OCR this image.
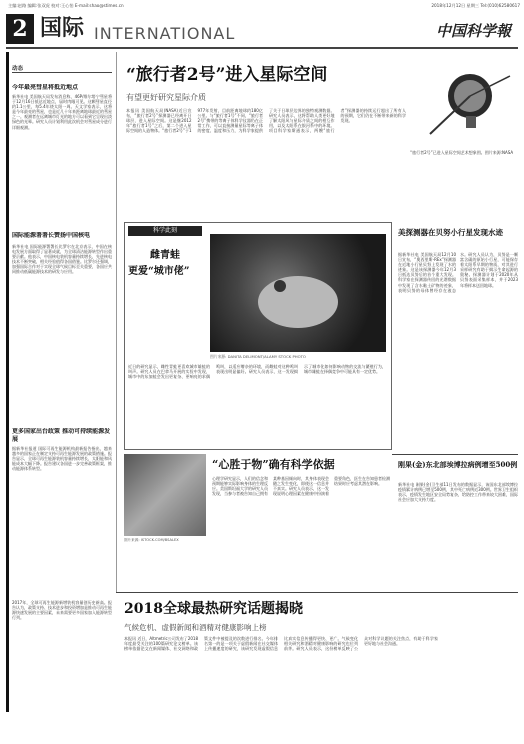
主编:赵路 编辑:张双虎 校对:王心怡 E-mail:shao@stimes.cn	2018年12月12日 星期三 Tel:(010)62580617
2 国际 INTERNATIONAL	中国科学報
动态
今年最亮彗星将抵近地点
新华社电 美国航天局发布消息称，46P/维尔塔宁彗星将于12月16日抵达近地点，届时肉眼可见。这颗彗星直径约1.1公里，每5.4年绕太阳一周。天文学家表示，这将是今年最亮的彗星，也是近几十年来距离地球最近的彗星之一。观测者在远离城市灯光的地方可以看到它呈现出淡绿色的光晕。研究人员计划利用此次机会对彗星成分进行详细观测。
国际能源署署长赞扬中国核电
新华社电 国际能源署署长比罗尔在北京表示，中国在核电发展方面取得了显著成就，为全球清洁能源转型作出重要贡献。他表示，中国核电装机容量持续增长，先进核电技术不断突破，相关经验值得各国借鉴。比罗尔还强调，加强国际合作对于实现全球气候目标至关重要，各国应共同推动低碳能源技术的研发与应用。
更多国家出台政策 推动可持续能源发展
据新华社报道 国际可再生能源机构最新报告指出，越来越多的国家正在制定支持可再生能源发展的政策措施。报告显示，全球可再生能源装机容量持续增长，太阳能和风能成本大幅下降。报告建议各国进一步完善政策框架，推动能源体系转型。
2017年，全球可再生能源新增装机容量创历史新高。报告认为，政策支持、技术进步和投资增加是推动可再生能源快速发展的主要因素，未来需要更多国家加入能源转型行列。
“旅行者2号”进入星际空间
有望更好研究星际介质
本报讯 美国航天局(NASA)近日宣布，“旅行者2号”探测器已经离开日球层，进入星际空间。这是继2012年“旅行者1号”之后，第二个进入星际空间的人造物体。“旅行者2号”于1977年发射，目前距离地球约180亿公里。与“旅行者1号”不同，“旅行者2号”携带的等离子体科学仪器仍在正常工作，可以直接测量星际等离子体的密度、温度和压力，为科学家提供了关于日球层边界的独特观测数据。研究人员表示，这将帮助人类更好地了解太阳风与星际介质之间的相互作用，以及太阳系在银河系中的环境。项目科学家斯通表示，两艘“旅行者”探测器的持续运行超出了所有人的预期，它们仍在不断带来新的科学发现。
“旅行者2号”已进入星际空间艺术想象图。图片来源:NASA
科学此刻
雌青蛙
更爱“城市佬”
图片来源: DANITA DELIMONT/ALAMY STOCK PHOTO
近日的研究显示，雌性青蛙更喜欢城市雄蛙的叫声。研究人员在巴拿马开展的实验中发现，城市中的东加蛙会发出更复杂、更响亮的求偶鸣叫，以适应嘈杂的环境，而雌蛙对这种鸣叫表现出明显偏好。研究人员表示，这一发现揭示了城市化如何影响动物的交流与繁殖行为，城市雄蛙在择偶竞争中可能具有一定优势。
美探测器在贝努小行星发现水迹
据新华社电 美国航天局12月10日宣布，“奥西里斯-REx”探测器在近地小行星贝努上发现了水的迹象。这是该探测器今年12月3日抵达贝努后的首个重大发现。科学家在探测器传回的光谱数据中发现了含水黏土矿物的迹象，表明贝努的母体曾经存在液态水。研究人员认为，贝努是一颗富含碳的原始小行星，可能保存着太阳系早期的物质，对其进行采样研究有助于揭示生命起源的奥秘。探测器计划于2020年从贝努表面采集样本，并于2023年将样本送回地球。
刚果(金)东北部埃博拉病例增至500例
新华社电 刚果(金)卫生部11日发布的数据显示，该国东北部埃博拉疫情累计病例已增至500例，其中死亡病例近300例。世界卫生组织表示，疫情发生地区安全局势复杂，给防控工作带来较大困难，国际社会应加大支持力度。
图片来源: ISTOCK.COM/BSALEX
“心胜于物”确有科学依据
心理学研究显示，人们的信念和预期能够实际影响身体的生理反应。美国斯坦福大学的研究人员发现，当参与者被告知自己拥有某种基因倾向时，其身体表现会随之发生变化，即使这一信息并不真实。研究人员表示，这一发现说明心理因素在健康中扮演着重要角色，医生在告知患者检测结果时应考虑其潜在影响。
2018全球最热研究话题揭晓
气候危机、虚假新闻和酒精对健康影响上榜
本报讯 近日，Altmetric公司发布了2018年度最受关注的100篇研究论文榜单。该榜单依据论文在新闻媒体、社交网络和政策文件中被提及的次数进行排名。今年排名第一的是一项关于虚假新闻在社交媒体上传播速度的研究，该研究发现虚假信息比真实信息传播得更快、更广。气候变化相关研究和酒精对健康影响的研究也位列前茅。研究人员表示，这份榜单反映了公众对科学议题的关注焦点，有助于科学家更好地与社会沟通。
